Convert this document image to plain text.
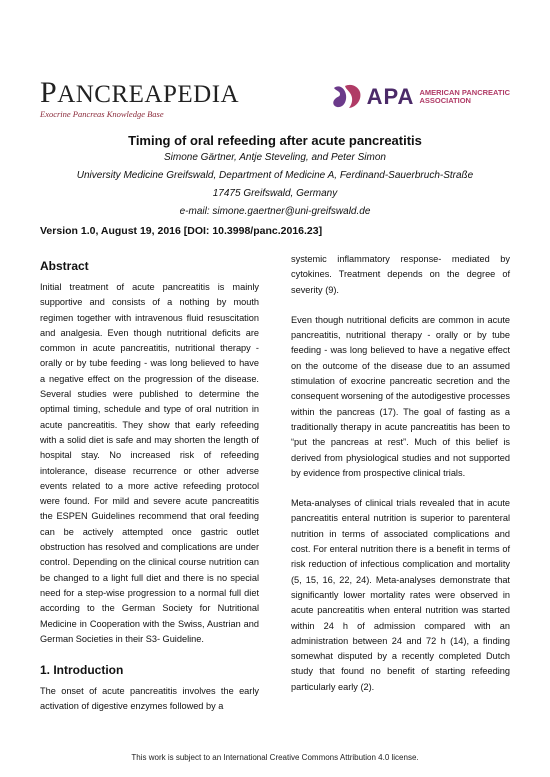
PANCREAPEDIA
Exocrine Pancreas Knowledge Base
APA AMERICAN PANCREATIC
ASSOCIATION
Timing of oral refeeding after acute pancreatitis
Simone Gärtner, Antje Steveling, and Peter Simon
University Medicine Greifswald, Department of Medicine A, Ferdinand-Sauerbruch-Straße
17475 Greifswald, Germany
e-mail: simone.gaertner@uni-greifswald.de
Version 1.0, August 19, 2016 [DOI: 10.3998/panc.2016.23]
Abstract

Initial treatment of acute pancreatitis is mainly supportive and consists of a nothing by mouth regimen together with intravenous fluid resuscitation and analgesia. Even though nutritional deficits are common in acute pancreatitis, nutritional therapy - orally or by tube feeding - was long believed to have a negative effect on the progression of the disease. Several studies were published to determine the optimal timing, schedule and type of oral nutrition in acute pancreatitis. They show that early refeeding with a solid diet is safe and may shorten the length of hospital stay. No increased risk of refeeding intolerance, disease recurrence or other adverse events related to a more active refeeding protocol were found. For mild and severe acute pancreatitis the ESPEN Guidelines recommend that oral feeding can be actively attempted once gastric outlet obstruction has resolved and complications are under control. Depending on the clinical course nutrition can be changed to a light full diet and there is no special need for a step-wise progression to a normal full diet according to the German Society for Nutritional Medicine in Cooperation with the Swiss, Austrian and German Societies in their S3- Guideline.

1. Introduction

The onset of acute pancreatitis involves the early activation of digestive enzymes followed by a

systemic inflammatory response- mediated by cytokines. Treatment depends on the degree of severity (9).

Even though nutritional deficits are common in acute pancreatitis, nutritional therapy - orally or by tube feeding - was long believed to have a negative effect on the outcome of the disease due to an assumed stimulation of exocrine pancreatic secretion and the consequent worsening of the autodigestive processes within the pancreas (17). The goal of fasting as a traditionally therapy in acute pancreatitis has been to “put the pancreas at rest”. Much of this belief is derived from physiological studies and not supported by evidence from prospective clinical trials.

Meta-analyses of clinical trials revealed that in acute pancreatitis enteral nutrition is superior to parenteral nutrition in terms of associated complications and cost. For enteral nutrition there is a benefit in terms of risk reduction of infectious complication and mortality (5, 15, 16, 22, 24). Meta-analyses demonstrate that significantly lower mortality rates were observed in acute pancreatitis when enteral nutrition was started within 24 h of admission compared with an administration between 24 and 72 h (14), a finding somewhat disputed by a recently completed Dutch study that found no benefit of starting refeeding particularly early (2).

This work is subject to an International Creative Commons Attribution 4.0 license.
